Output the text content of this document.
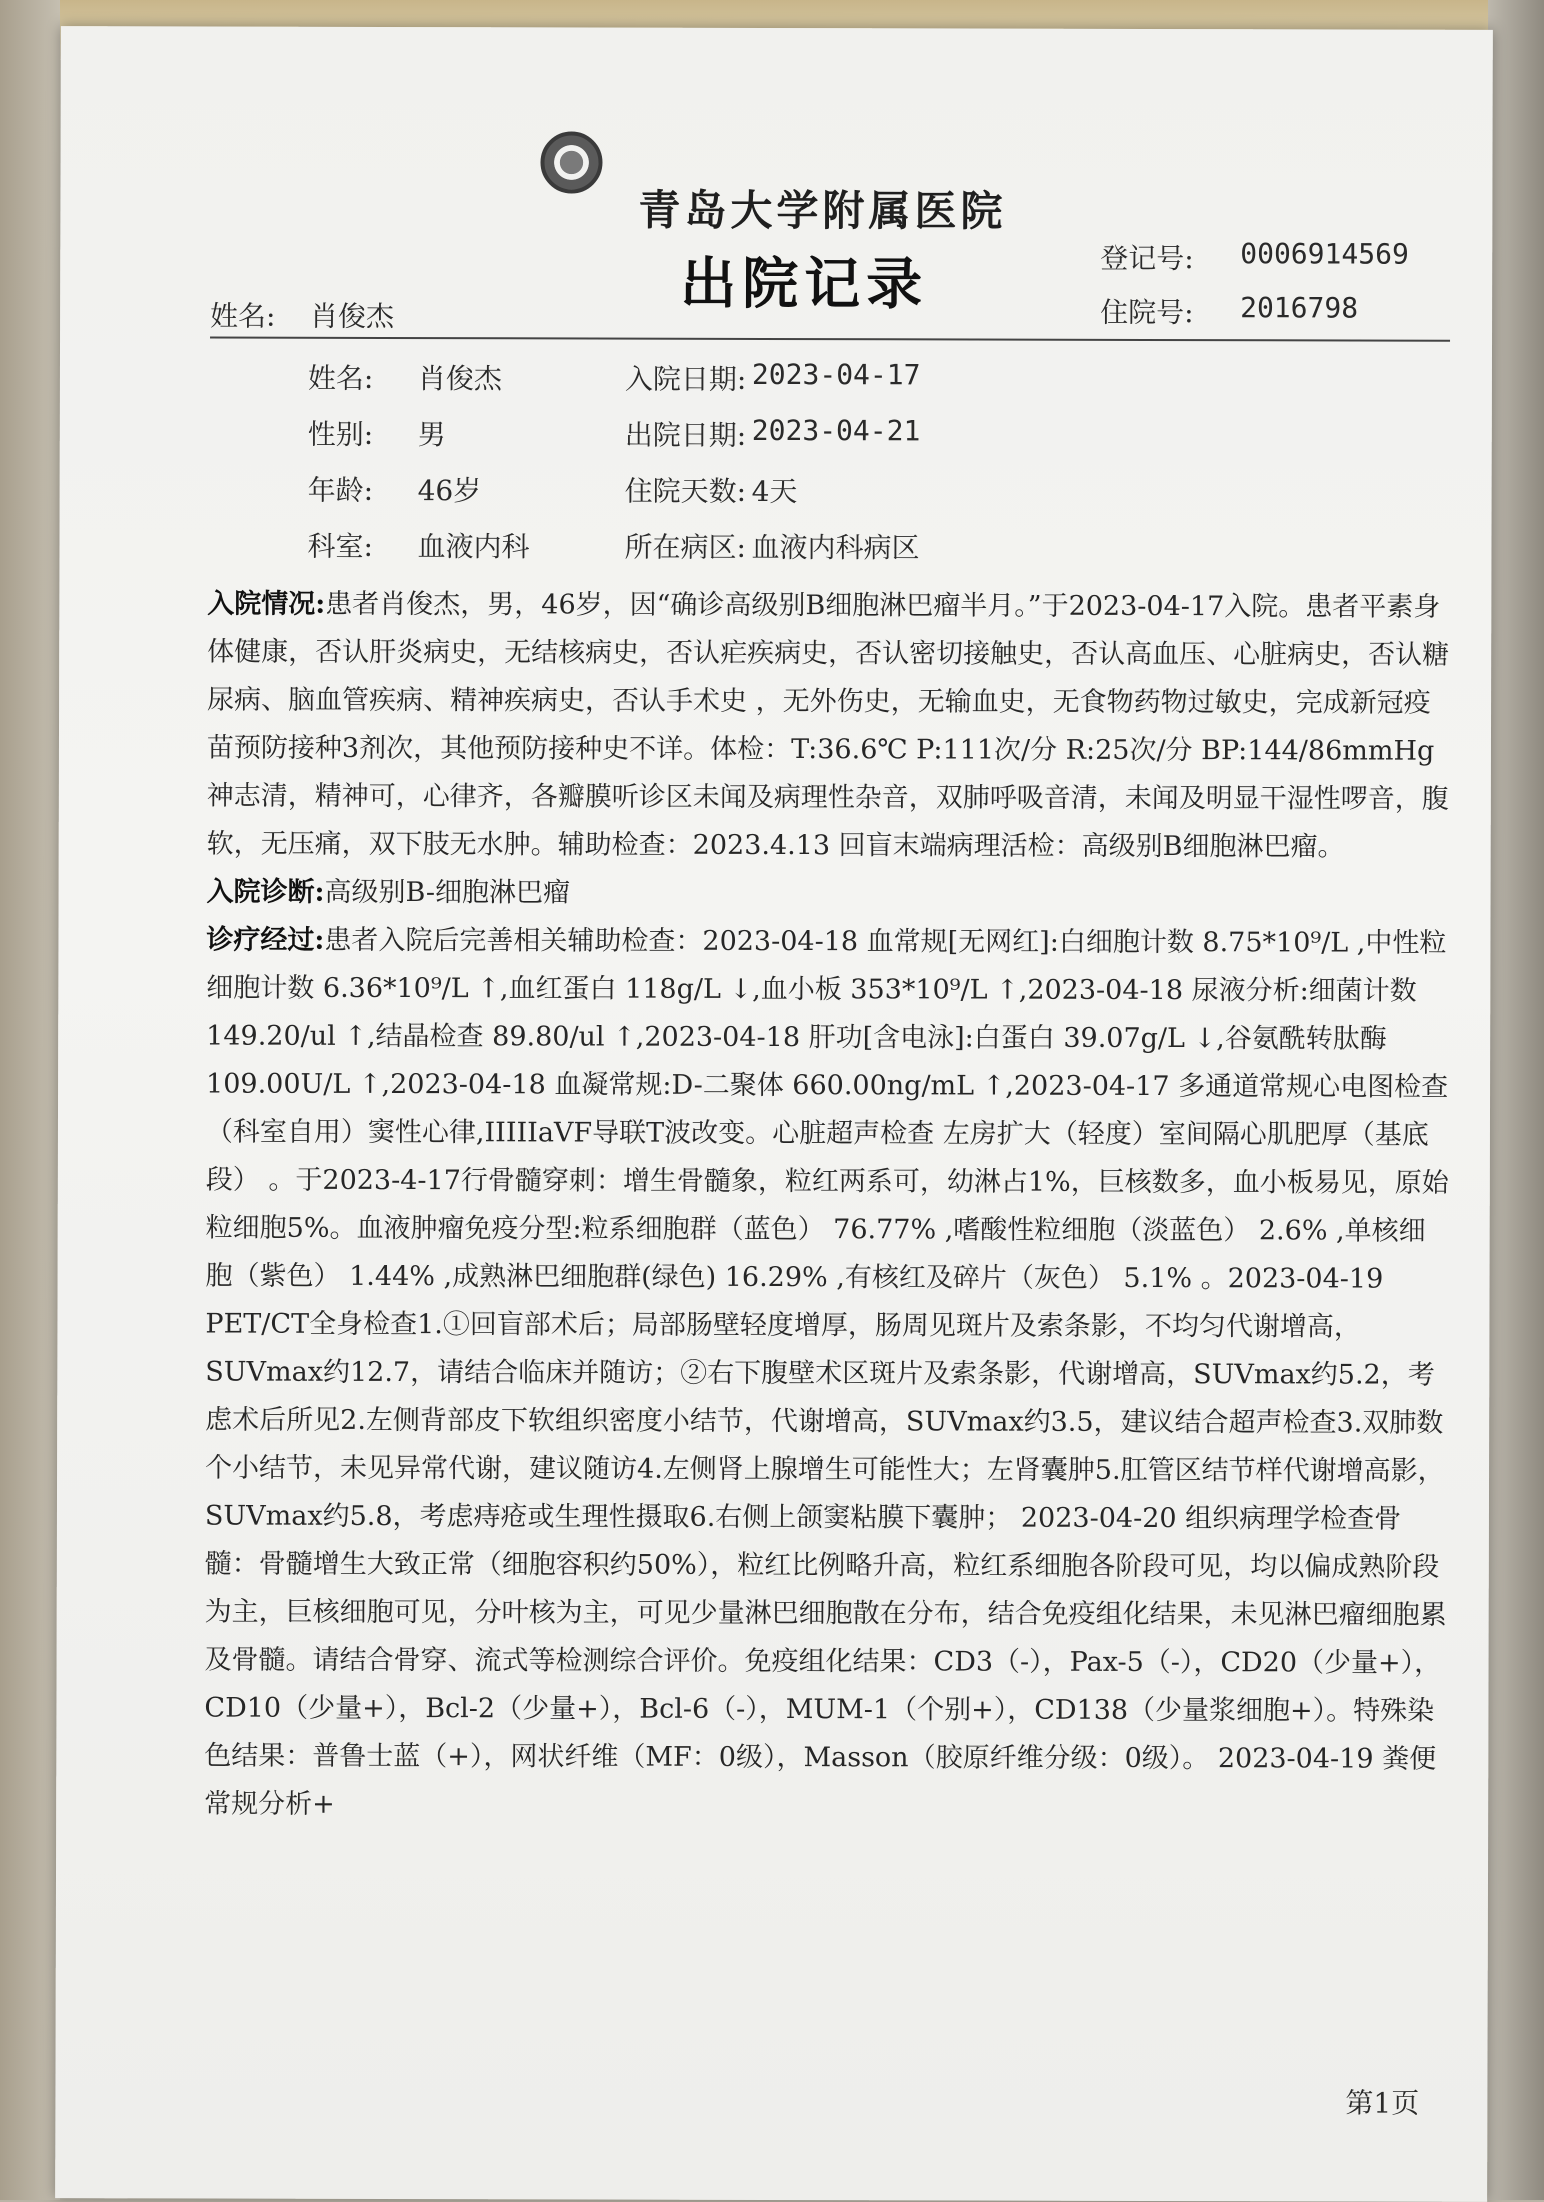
青岛大学附属医院
出院记录	登记号: 0006914569
住院号: 2016798
姓名: 肖俊杰
姓名: 肖俊杰	入院日期: 2023-04-17
性别: 男	出院日期: 2023-04-21
年龄: 46岁	住院天数: 4天
科室: 血液内科	所在病区: 血液内科病区

入院情况:患者肖俊杰，男，46岁，因“确诊高级别B细胞淋巴瘤半月。”于2023-04-17入院。患者平素身体健康，否认肝炎病史，无结核病史，否认疟疾病史，否认密切接触史，否认高血压、心脏病史，否认糖尿病、脑血管疾病、精神疾病史，否认手术史 ，无外伤史，无输血史，无食物药物过敏史，完成新冠疫苗预防接种3剂次，其他预防接种史不详。体检：T:36.6℃ P:111次/分 R:25次/分 BP:144/86mmHg 神志清，精神可，心律齐，各瓣膜听诊区未闻及病理性杂音，双肺呼吸音清，未闻及明显干湿性啰音，腹软，无压痛，双下肢无水肿。辅助检查：2023.4.13 回盲末端病理活检：高级别B细胞淋巴瘤。

入院诊断:高级别B-细胞淋巴瘤

诊疗经过:患者入院后完善相关辅助检查：2023-04-18 血常规[无网红]:白细胞计数 8.75*10⁹/L ,中性粒细胞计数 6.36*10⁹/L ↑,血红蛋白 118g/L ↓,血小板 353*10⁹/L ↑,2023-04-18 尿液分析:细菌计数 149.20/ul ↑,结晶检查 89.80/ul ↑,2023-04-18 肝功[含电泳]:白蛋白 39.07g/L ↓,谷氨酰转肽酶 109.00U/L ↑,2023-04-18 血凝常规:D-二聚体 660.00ng/mL ↑,2023-04-17 多通道常规心电图检查（科室自用）窦性心律,IIIIIaVF导联T波改变。心脏超声检查 左房扩大（轻度）室间隔心肌肥厚（基底段） 。于2023-4-17行骨髓穿刺：增生骨髓象，粒红两系可，幼淋占1%，巨核数多，血小板易见，原始粒细胞5%。血液肿瘤免疫分型:粒系细胞群（蓝色） 76.77% ,嗜酸性粒细胞（淡蓝色） 2.6% ,单核细胞（紫色） 1.44% ,成熟淋巴细胞群(绿色) 16.29% ,有核红及碎片（灰色） 5.1% 。2023-04-19 PET/CT全身检查1.①回盲部术后；局部肠壁轻度增厚，肠周见斑片及索条影，不均匀代谢增高，SUVmax约12.7，请结合临床并随访；②右下腹壁术区斑片及索条影，代谢增高，SUVmax约5.2，考虑术后所见2.左侧背部皮下软组织密度小结节，代谢增高，SUVmax约3.5，建议结合超声检查3.双肺数个小结节，未见异常代谢，建议随访4.左侧肾上腺增生可能性大；左肾囊肿5.肛管区结节样代谢增高影，SUVmax约5.8，考虑痔疮或生理性摄取6.右侧上颌窦粘膜下囊肿； 2023-04-20 组织病理学检查骨髓：骨髓增生大致正常（细胞容积约50%），粒红比例略升高，粒红系细胞各阶段可见，均以偏成熟阶段为主，巨核细胞可见，分叶核为主，可见少量淋巴细胞散在分布，结合免疫组化结果，未见淋巴瘤细胞累及骨髓。请结合骨穿、流式等检测综合评价。免疫组化结果：CD3（-），Pax-5（-），CD20（少量+），CD10（少量+），Bcl-2（少量+），Bcl-6（-），MUM-1（个别+），CD138（少量浆细胞+）。特殊染色结果：普鲁士蓝（+），网状纤维（MF：0级），Masson（胶原纤维分级：0级）。 2023-04-19 粪便常规分析+

第1页
